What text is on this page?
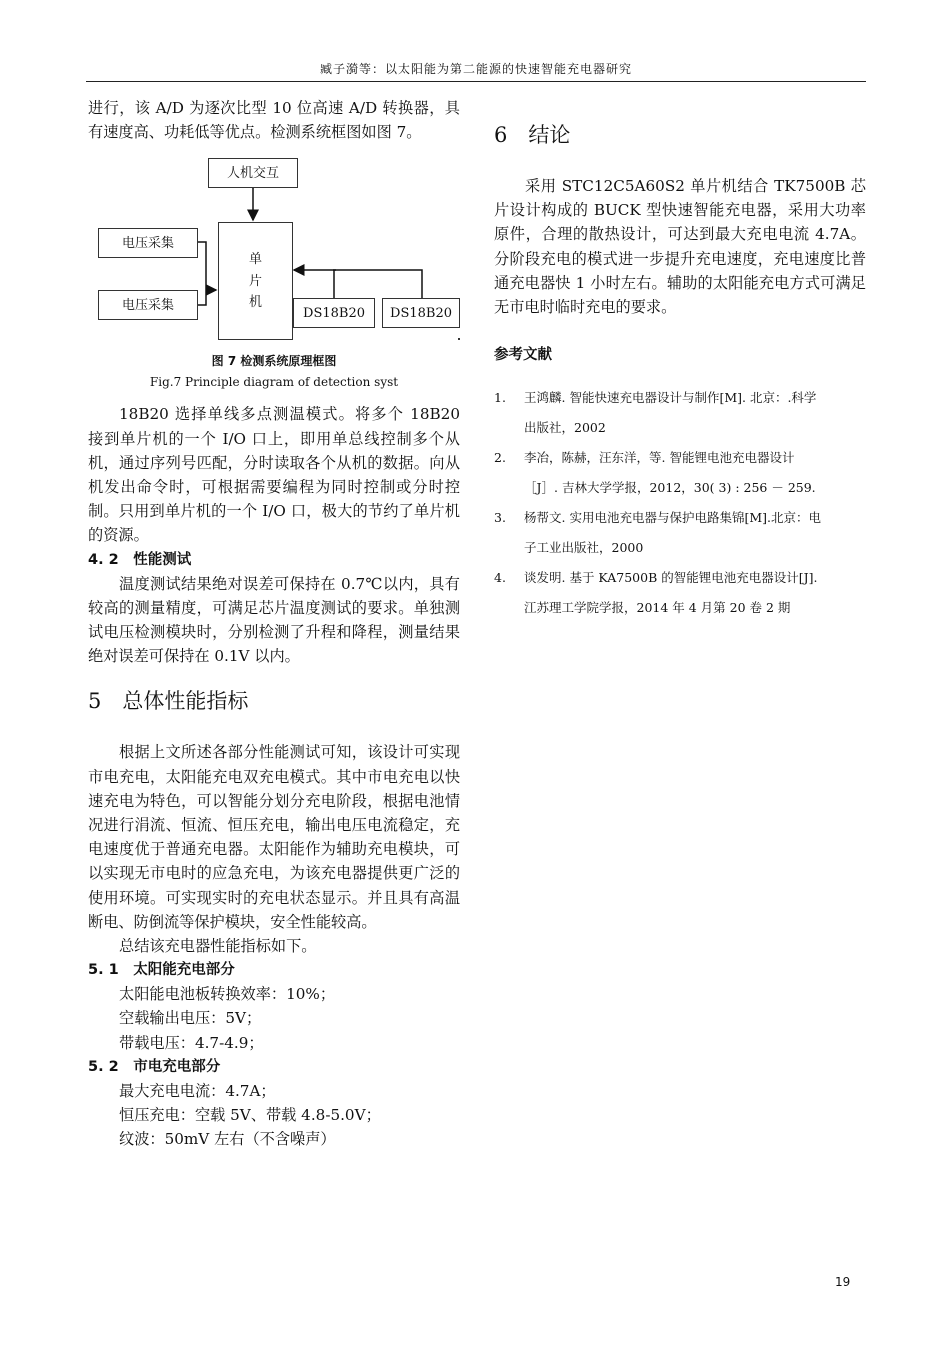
臧子漪等：以太阳能为第二能源的快速智能充电器研究

进行，该 A/D 为逐次比型 10 位高速 A/D 转换器，具有速度高、功耗低等优点。检测系统框图如图 7。

人机交互
单
片
机
电压采集
电压采集
DS18B20	DS18B20
图 7 检测系统原理框图
Fig.7 Principle diagram of detection syst

18B20 选择单线多点测温模式。将多个 18B20 接到单片机的一个 I/O 口上，即用单总线控制多个从机，通过序列号匹配，分时读取各个从机的数据。向从机发出命令时，可根据需要编程为同时控制或分时控制。只用到单片机的一个 I/O 口，极大的节约了单片机的资源。

4. 2　性能测试

温度测试结果绝对误差可保持在 0.7℃以内，具有较高的测量精度，可满足芯片温度测试的要求。单独测试电压检测模块时，分别检测了升程和降程，测量结果绝对误差可保持在 0.1V 以内。

5　总体性能指标

根据上文所述各部分性能测试可知，该设计可实现市电充电，太阳能充电双充电模式。其中市电充电以快速充电为特色，可以智能分划分充电阶段，根据电池情况进行涓流、恒流、恒压充电，输出电压电流稳定，充电速度优于普通充电器。太阳能作为辅助充电模块，可以实现无市电时的应急充电，为该充电器提供更广泛的使用环境。可实现实时的充电状态显示。并且具有高温断电、防倒流等保护模块，安全性能较高。

总结该充电器性能指标如下。
5. 1　太阳能充电部分
太阳能电池板转换效率：10%；
空载输出电压：5V；
带载电压：4.7-4.9；
5. 2　市电充电部分
最大充电电流：4.7A；
恒压充电：空载 5V、带载 4.8-5.0V；
纹波：50mV 左右（不含噪声）
6　结论

采用 STC12C5A60S2 单片机结合 TK7500B 芯片设计构成的 BUCK 型快速智能充电器，采用大功率原件，合理的散热设计，可达到最大充电电流 4.7A。分阶段充电的模式进一步提升充电速度，充电速度比普通充电器快 1 小时左右。辅助的太阳能充电方式可满足无市电时临时充电的要求。

参考文献
1.	王鸿麟. 智能快速充电器设计与制作[M]. 北京：.科学
出版社，2002
2.	李冶，陈赫，汪东洋，等. 智能锂电池充电器设计
［J］. 吉林大学学报，2012，30( 3) : 256 － 259.
3.	杨帮文. 实用电池充电器与保护电路集锦[M].北京：电
子工业出版社，2000
4.	谈发明. 基于 KA7500B 的智能锂电池充电器设计[J].
江苏理工学院学报，2014 年 4 月第 20 卷 2 期
19
